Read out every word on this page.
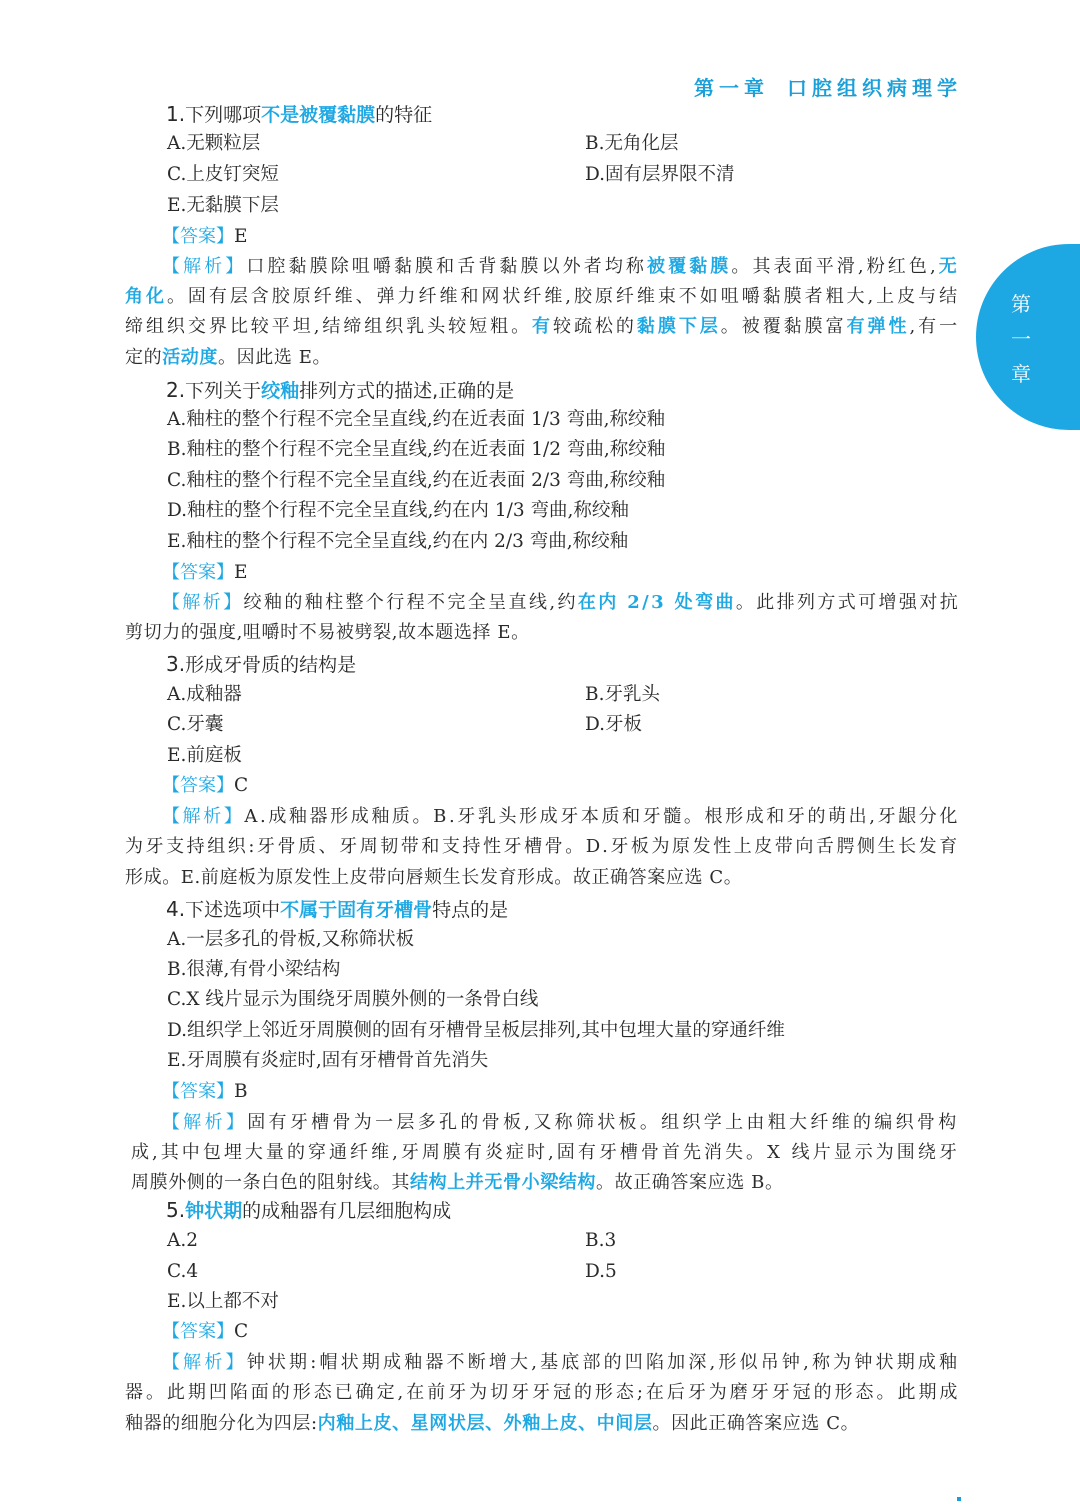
第一章 口腔组织病理学
第
一
章
1.下列哪项不是被覆黏膜的特征
A.无颗粒层	B.无角化层
C.上皮钉突短	D.固有层界限不清
E.无黏膜下层
【答案】E
【解析】口腔黏膜除咀嚼黏膜和舌背黏膜以外者均称被覆黏膜。其表面平滑,粉红色,无
角化。固有层含胶原纤维、弹力纤维和网状纤维,胶原纤维束不如咀嚼黏膜者粗大,上皮与结
缔组织交界比较平坦,结缔组织乳头较短粗。有较疏松的黏膜下层。被覆黏膜富有弹性,有一
定的活动度。因此选 E。
2.下列关于绞釉排列方式的描述,正确的是
A.釉柱的整个行程不完全呈直线,约在近表面 1/3 弯曲,称绞釉
B.釉柱的整个行程不完全呈直线,约在近表面 1/2 弯曲,称绞釉
C.釉柱的整个行程不完全呈直线,约在近表面 2/3 弯曲,称绞釉
D.釉柱的整个行程不完全呈直线,约在内 1/3 弯曲,称绞釉
E.釉柱的整个行程不完全呈直线,约在内 2/3 弯曲,称绞釉
【答案】E
【解析】绞釉的釉柱整个行程不完全呈直线,约在内 2/3 处弯曲。此排列方式可增强对抗
剪切力的强度,咀嚼时不易被劈裂,故本题选择 E。
3.形成牙骨质的结构是
A.成釉器	B.牙乳头
C.牙囊	D.牙板
E.前庭板
【答案】C
【解析】A.成釉器形成釉质。B.牙乳头形成牙本质和牙髓。根形成和牙的萌出,牙龈分化
为牙支持组织:牙骨质、牙周韧带和支持性牙槽骨。D.牙板为原发性上皮带向舌腭侧生长发育
形成。E.前庭板为原发性上皮带向唇颊生长发育形成。故正确答案应选 C。
4.下述选项中不属于固有牙槽骨特点的是
A.一层多孔的骨板,又称筛状板
B.很薄,有骨小梁结构
C.X 线片显示为围绕牙周膜外侧的一条骨白线
D.组织学上邻近牙周膜侧的固有牙槽骨呈板层排列,其中包埋大量的穿通纤维
E.牙周膜有炎症时,固有牙槽骨首先消失
【答案】B
【解析】固有牙槽骨为一层多孔的骨板,又称筛状板。组织学上由粗大纤维的编织骨构
成,其中包埋大量的穿通纤维,牙周膜有炎症时,固有牙槽骨首先消失。X 线片显示为围绕牙
周膜外侧的一条白色的阻射线。其结构上并无骨小梁结构。故正确答案应选 B。
5.钟状期的成釉器有几层细胞构成
A.2	B.3
C.4	D.5
E.以上都不对
【答案】C
【解析】钟状期:帽状期成釉器不断增大,基底部的凹陷加深,形似吊钟,称为钟状期成釉
器。此期凹陷面的形态已确定,在前牙为切牙牙冠的形态;在后牙为磨牙牙冠的形态。此期成
釉器的细胞分化为四层:内釉上皮、星网状层、外釉上皮、中间层。因此正确答案应选 C。
